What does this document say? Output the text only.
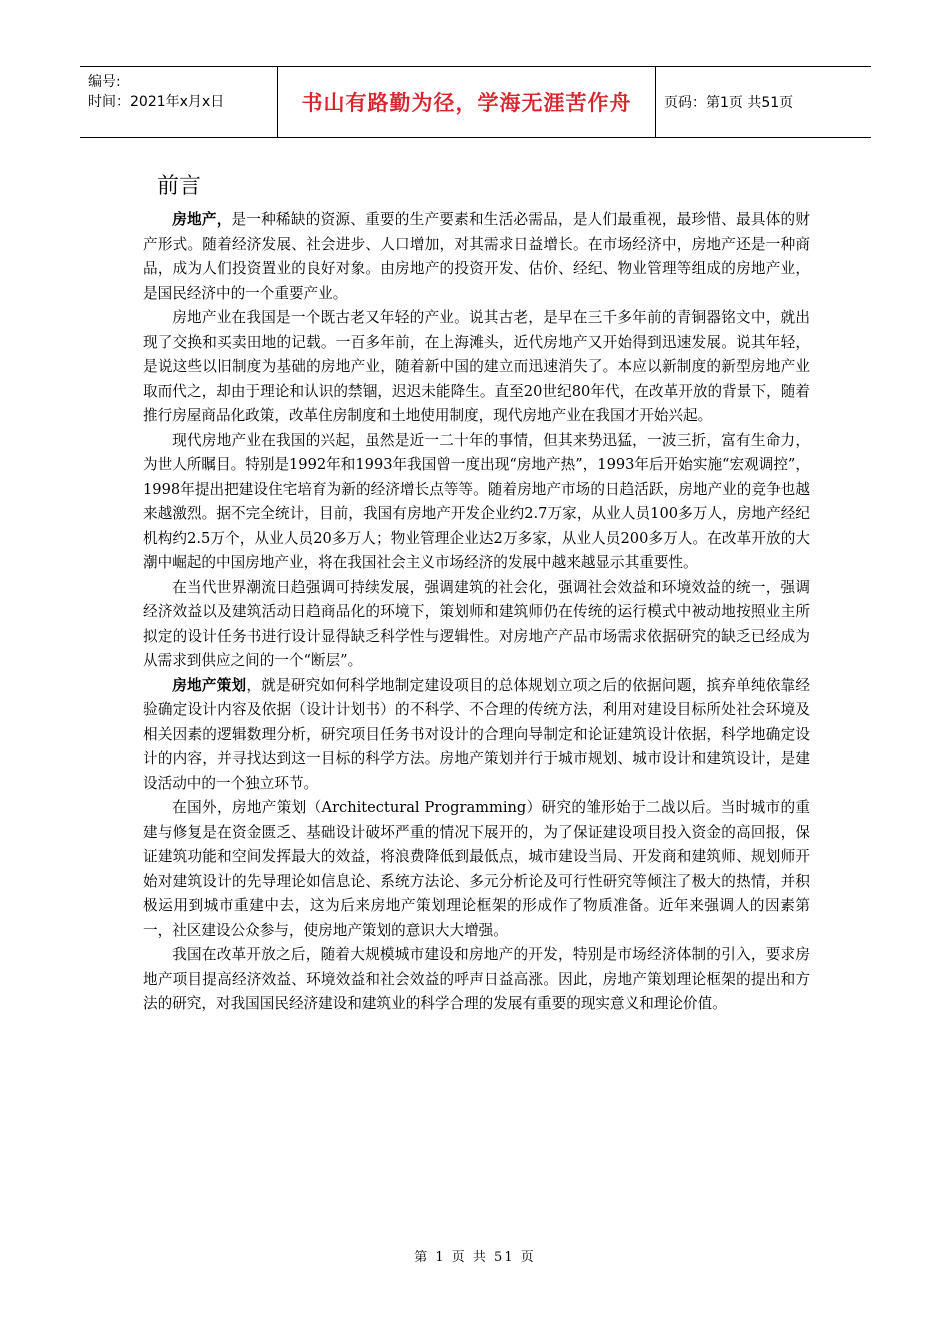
编号:
时间：2021年x月x日	书山有路勤为径，学海无涯苦作舟 页码：第1页 共51页
前言

房地产，是一种稀缺的资源、重要的生产要素和生活必需品，是人们最重视，最珍惜、最具体的财产形式。随着经济发展、社会进步、人口增加，对其需求日益增长。在市场经济中，房地产还是一种商品，成为人们投资置业的良好对象。由房地产的投资开发、估价、经纪、物业管理等组成的房地产业，是国民经济中的一个重要产业。

房地产业在我国是一个既古老又年轻的产业。说其古老，是早在三千多年前的青铜器铭文中，就出现了交换和买卖田地的记载。一百多年前，在上海滩头，近代房地产又开始得到迅速发展。说其年轻，是说这些以旧制度为基础的房地产业，随着新中国的建立而迅速消失了。本应以新制度的新型房地产业取而代之，却由于理论和认识的禁锢，迟迟未能降生。直至20世纪80年代，在改革开放的背景下，随着推行房屋商品化政策，改革住房制度和土地使用制度，现代房地产业在我国才开始兴起。

现代房地产业在我国的兴起，虽然是近一二十年的事情，但其来势迅猛，一波三折，富有生命力，为世人所瞩目。特别是1992年和1993年我国曾一度出现“房地产热”，1993年后开始实施“宏观调控”，1998年提出把建设住宅培育为新的经济增长点等等。随着房地产市场的日趋活跃，房地产业的竞争也越来越激烈。据不完全统计，目前，我国有房地产开发企业约2.7万家，从业人员100多万人，房地产经纪机构约2.5万个，从业人员20多万人；物业管理企业达2万多家，从业人员200多万人。在改革开放的大潮中崛起的中国房地产业，将在我国社会主义市场经济的发展中越来越显示其重要性。

在当代世界潮流日趋强调可持续发展，强调建筑的社会化，强调社会效益和环境效益的统一，强调经济效益以及建筑活动日趋商品化的环境下，策划师和建筑师仍在传统的运行模式中被动地按照业主所拟定的设计任务书进行设计显得缺乏科学性与逻辑性。对房地产产品市场需求依据研究的缺乏已经成为从需求到供应之间的一个“断层”。

房地产策划，就是研究如何科学地制定建设项目的总体规划立项之后的依据问题，摈弃单纯依靠经验确定设计内容及依据（设计计划书）的不科学、不合理的传统方法，利用对建设目标所处社会环境及相关因素的逻辑数理分析，研究项目任务书对设计的合理向导制定和论证建筑设计依据，科学地确定设计的内容，并寻找达到这一目标的科学方法。房地产策划并行于城市规划、城市设计和建筑设计，是建设活动中的一个独立环节。

在国外，房地产策划（Architectural Programming）研究的雏形始于二战以后。当时城市的重建与修复是在资金匮乏、基础设计破坏严重的情况下展开的，为了保证建设项目投入资金的高回报，保证建筑功能和空间发挥最大的效益，将浪费降低到最低点，城市建设当局、开发商和建筑师、规划师开始对建筑设计的先导理论如信息论、系统方法论、多元分析论及可行性研究等倾注了极大的热情，并积极运用到城市重建中去，这为后来房地产策划理论框架的形成作了物质准备。近年来强调人的因素第一，社区建设公众参与，使房地产策划的意识大大增强。

我国在改革开放之后，随着大规模城市建设和房地产的开发，特别是市场经济体制的引入，要求房地产项目提高经济效益、环境效益和社会效益的呼声日益高涨。因此，房地产策划理论框架的提出和方法的研究，对我国国民经济建设和建筑业的科学合理的发展有重要的现实意义和理论价值。

第 1 页 共 51 页
